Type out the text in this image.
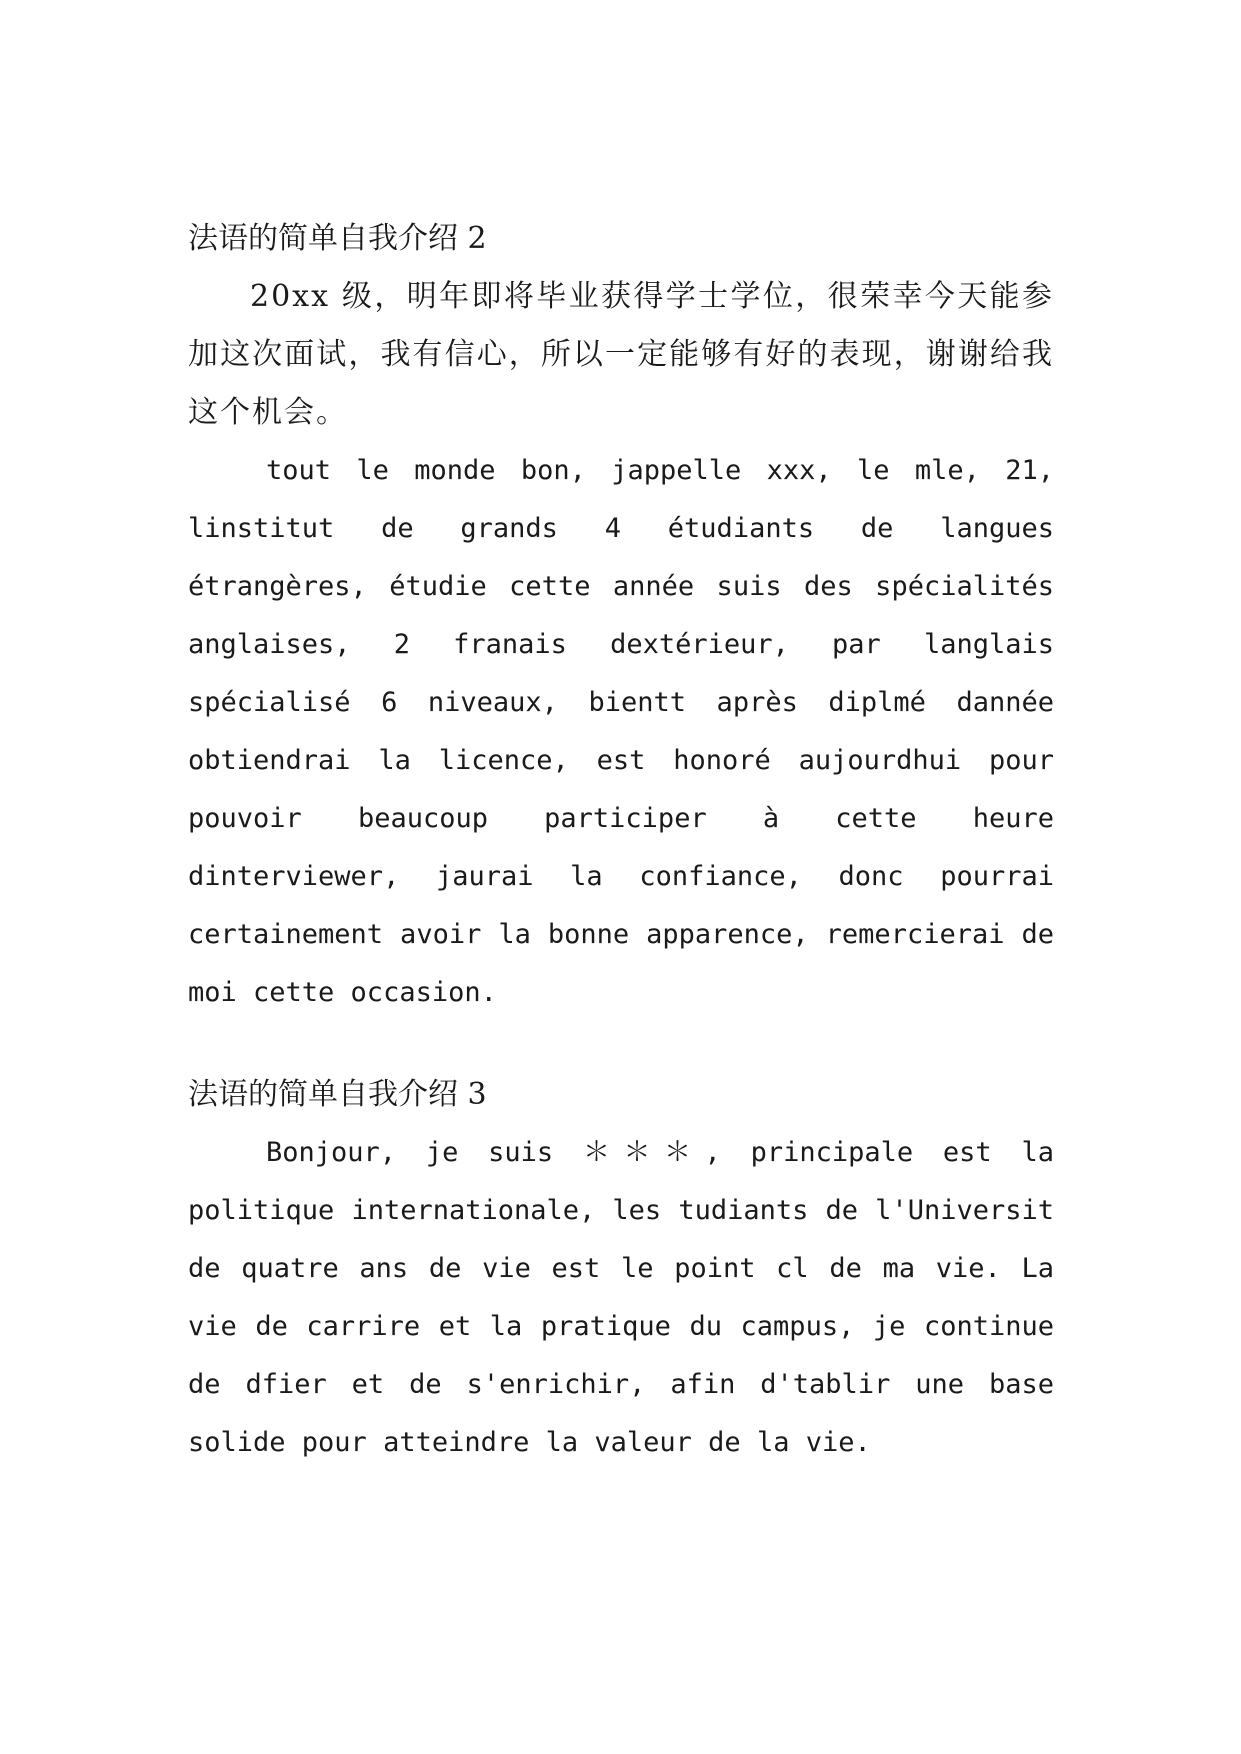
法语的简单自我介绍 2

20xx 级，明年即将毕业获得学士学位，很荣幸今天能参加这次面试，我有信心，所以一定能够有好的表现，谢谢给我这个机会。

tout le monde bon, jappelle xxx, le mle, 21, linstitut de grands 4 étudiants de langues étrangères, étudie cette année suis des spécialités anglaises, 2 franais dextérieur, par langlais spécialisé 6 niveaux, bientt après diplmé dannée obtiendrai la licence, est honoré aujourdhui pour pouvoir beaucoup participer à cette heure dinterviewer, jaurai la confiance, donc pourrai certainement avoir la bonne apparence, remercierai de moi cette occasion.

法语的简单自我介绍 3

Bonjour, je suis ＊＊＊, principale est la politique internationale, les tudiants de l'Universit de quatre ans de vie est le point cl de ma vie. La vie de carrire et la pratique du campus, je continue de dfier et de s'enrichir, afin d'tablir une base solide pour atteindre la valeur de la vie.
